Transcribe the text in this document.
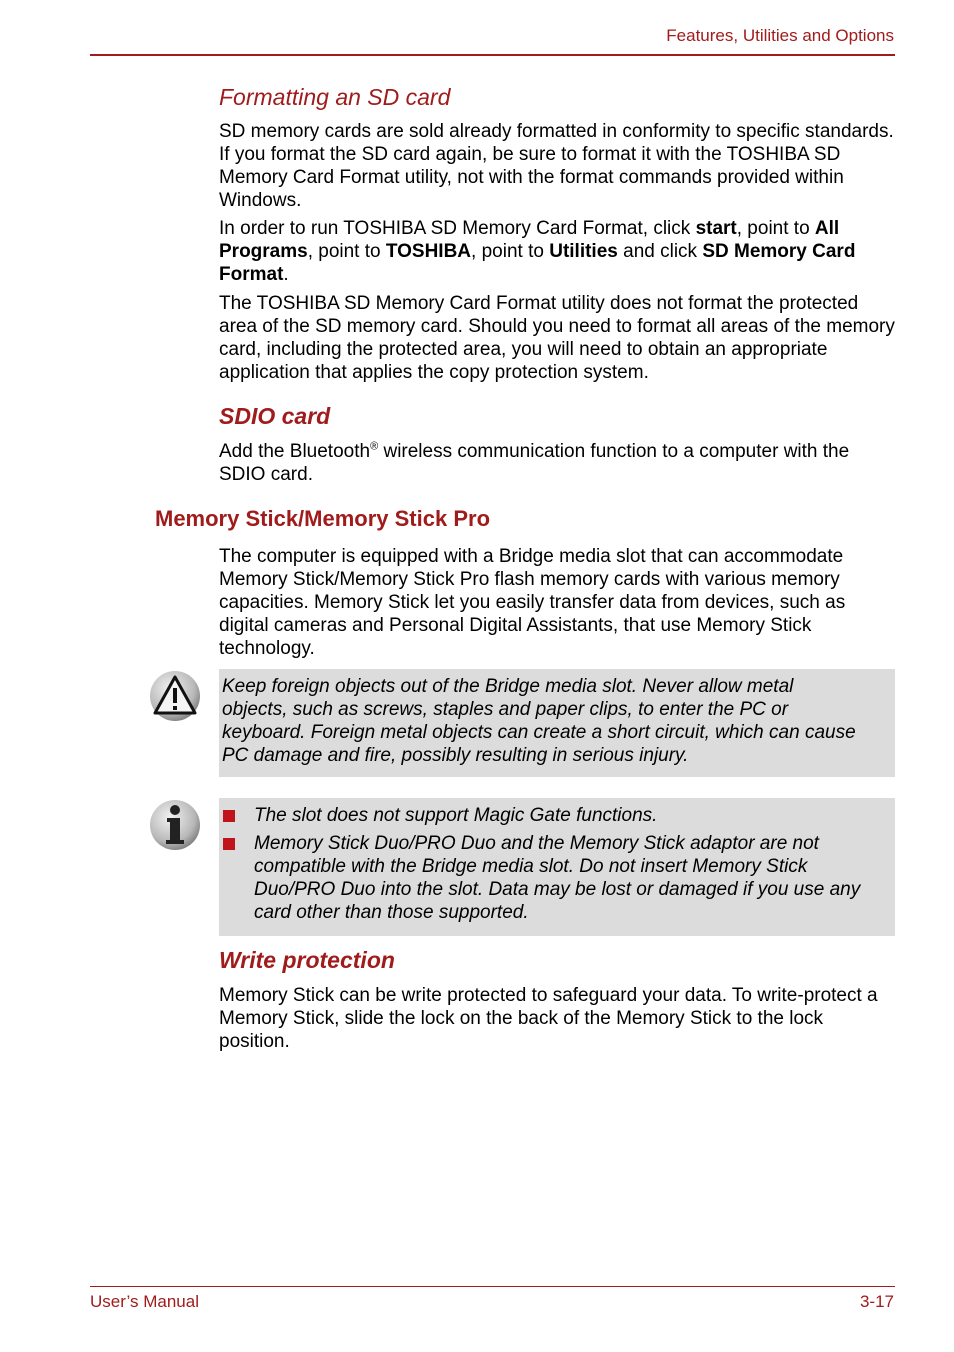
Features, Utilities and Options
Formatting an SD card

SD memory cards are sold already formatted in conformity to specific standards. If you format the SD card again, be sure to format it with the TOSHIBA SD Memory Card Format utility, not with the format commands provided within Windows.

In order to run TOSHIBA SD Memory Card Format, click start, point to All Programs, point to TOSHIBA, point to Utilities and click SD Memory Card Format.

The TOSHIBA SD Memory Card Format utility does not format the protected area of the SD memory card. Should you need to format all areas of the memory card, including the protected area, you will need to obtain an appropriate application that applies the copy protection system.

SDIO card

Add the Bluetooth® wireless communication function to a computer with the SDIO card.

Memory Stick/Memory Stick Pro

The computer is equipped with a Bridge media slot that can accommodate Memory Stick/Memory Stick Pro flash memory cards with various memory capacities. Memory Stick let you easily transfer data from devices, such as digital cameras and Personal Digital Assistants, that use Memory Stick technology.

Keep foreign objects out of the Bridge media slot. Never allow metal objects, such as screws, staples and paper clips, to enter the PC or keyboard. Foreign metal objects can create a short circuit, which can cause PC damage and fire, possibly resulting in serious injury.
The slot does not support Magic Gate functions.
Memory Stick Duo/PRO Duo and the Memory Stick adaptor are not compatible with the Bridge media slot. Do not insert Memory Stick Duo/PRO Duo into the slot. Data may be lost or damaged if you use any card other than those supported.
Write protection

Memory Stick can be write protected to safeguard your data. To write-protect a Memory Stick, slide the lock on the back of the Memory Stick to the lock position.

User’s Manual	3-17
